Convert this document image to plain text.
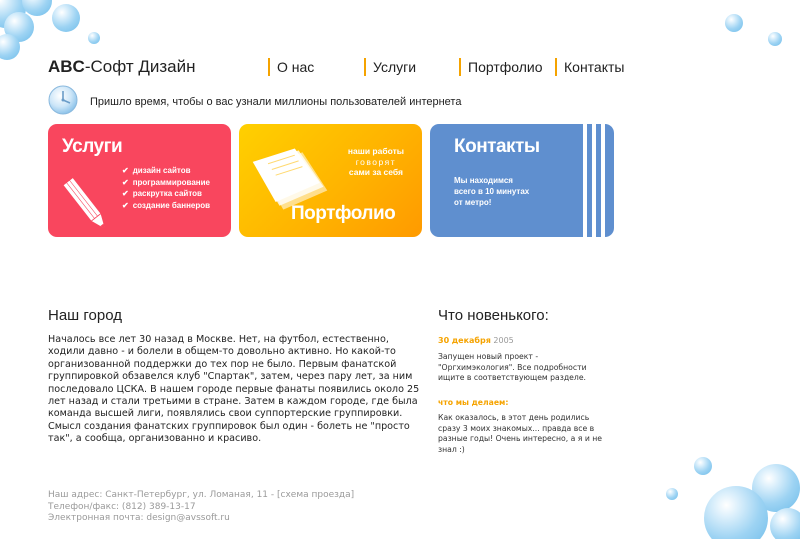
ABC-Софт Дизайн	О нас	Услуги	Портфолио	Контакты
Пришло время, чтобы о вас узнали миллионы пользователей интернета
Услуги
✔ дизайн сайтов
✔ программирование
✔ раскрутка сайтов
✔ создание баннеров
наши работы
говорят
сами за себя
Портфолио
Контакты
Мы находимся
всего в 10 минутах
от метро!
Наш город
Началось все лет 30 назад в Москве. Нет, на футбол, естественно, ходили давно - и болели в общем-то довольно активно. Но какой-то организованной поддержки до тех пор не было. Первым фанатской группировкой обзавелся клуб "Спартак", затем, через пару лет, за ним последовало ЦСКА. В нашем городе первые фанаты появились около 25 лет назад и стали третьими в стране. Затем в каждом городе, где была команда высшей лиги, появлялись свои суппортерские группировки. Смысл создания фанатских группировок был один - болеть не "просто так", а сообща, организованно и красиво.
Что новенького:
30 декабря 2005
Запущен новый проект - "Оргхимэкология". Все подробности ищите в соответствующем разделе.
что мы делаем:
Как оказалось, в этот день родились сразу 3 моих знакомых... правда все в разные годы! Очень интересно, а я и не знал :)
Наш адрес: Санкт-Петербург, ул. Ломаная, 11 - [схема проезда]
Телефон/факс: (812) 389-13-17
Электронная почта: design@avssoft.ru
